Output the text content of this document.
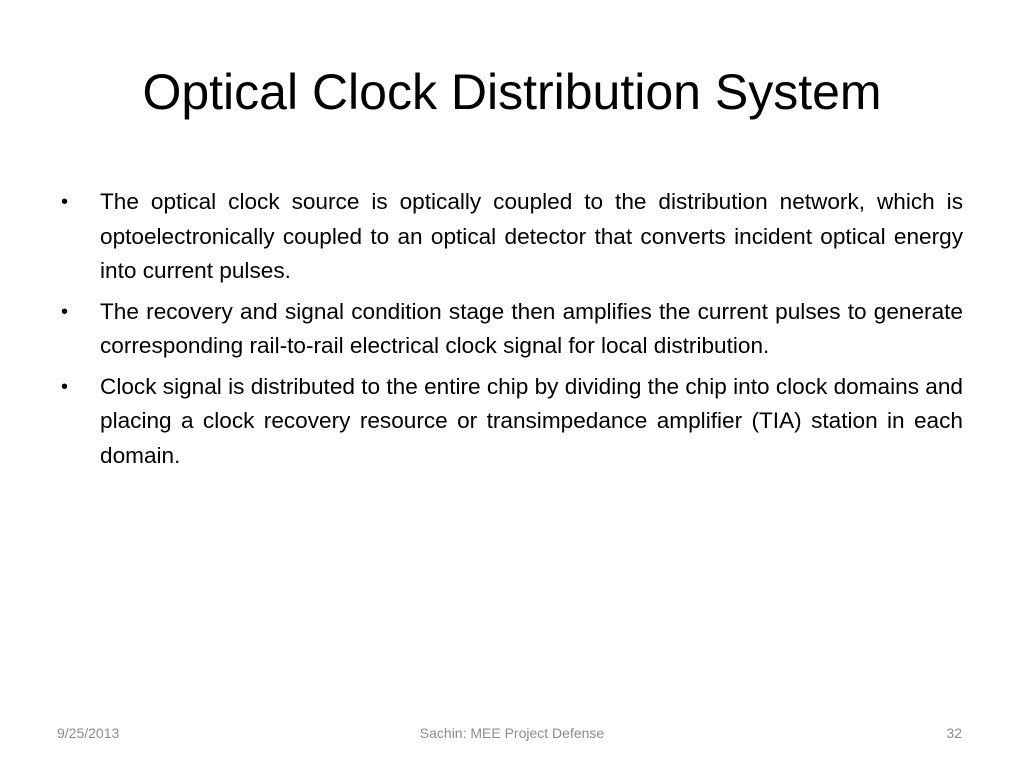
Optical Clock Distribution System
• The optical clock source is optically coupled to the distribution network, which is optoelectronically coupled to an optical detector that converts incident optical energy into current pulses.
• The recovery and signal condition stage then amplifies the current pulses to generate corresponding rail-to-rail electrical clock signal for local distribution.
• Clock signal is distributed to the entire chip by dividing the chip into clock domains and placing a clock recovery resource or transimpedance amplifier (TIA) station in each domain.
9/25/2013	Sachin: MEE Project Defense	32
